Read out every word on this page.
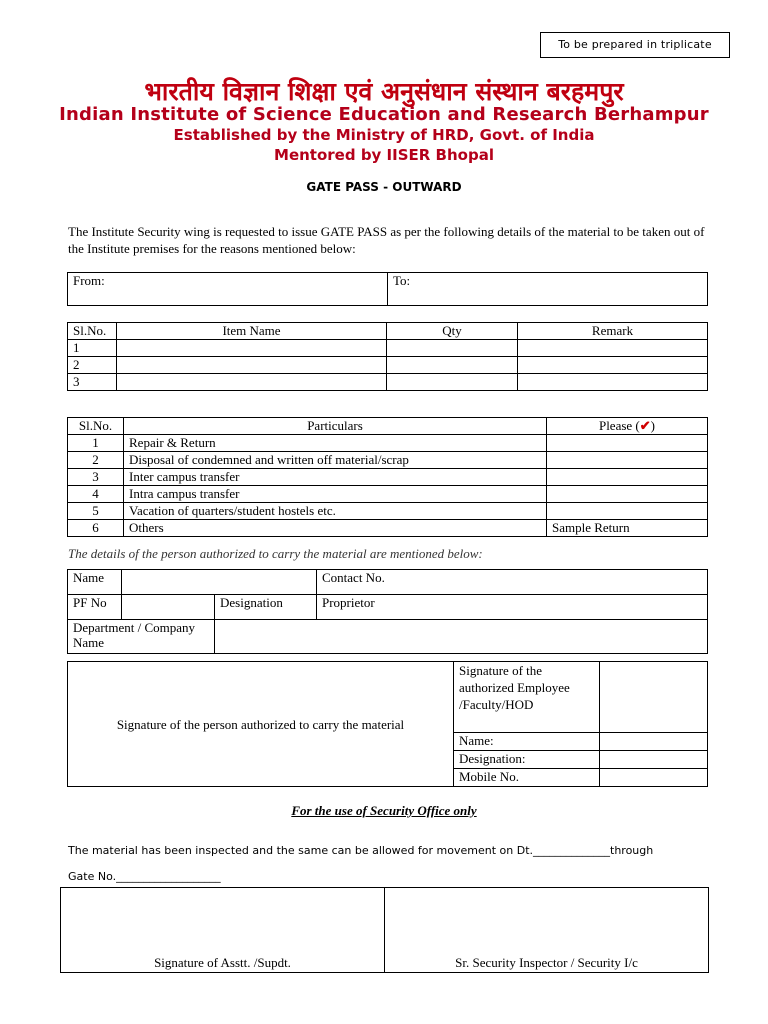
To be prepared in triplicate
भारतीय विज्ञान शिक्षा एवं अनुसंधान संस्थान बरहमपुर
Indian Institute of Science Education and Research Berhampur
Established by the Ministry of HRD, Govt. of India
Mentored by IISER Bhopal
GATE PASS - OUTWARD
The Institute Security wing is requested to issue GATE PASS as per the following details of the material to be taken out of the Institute premises for the reasons mentioned below:
From:	To:
Sl.No.	Item Name	Qty	Remark
1			
2			
3			
Sl.No.	Particulars	Please (✔)
1	Repair & Return	
2	Disposal of condemned and written off material/scrap	
3	Inter campus transfer	
4	Intra campus transfer	
5	Vacation of quarters/student hostels etc.	
6	Others	Sample Return
The details of the person authorized to carry the material are mentioned below:
Name			Contact No.
PF No		Designation	Proprietor
Department / Company Name			
Signature of the person authorized to carry the material	Signature of the authorized Employee /Faculty/HOD	
	Name:	
	Designation:	
	Mobile No.	
For the use of Security Office only
The material has been inspected and the same can be allowed for movement on Dt.______________through
Gate No.___________________
Signature of Asstt. /Supdt.	Sr. Security Inspector / Security I/c
